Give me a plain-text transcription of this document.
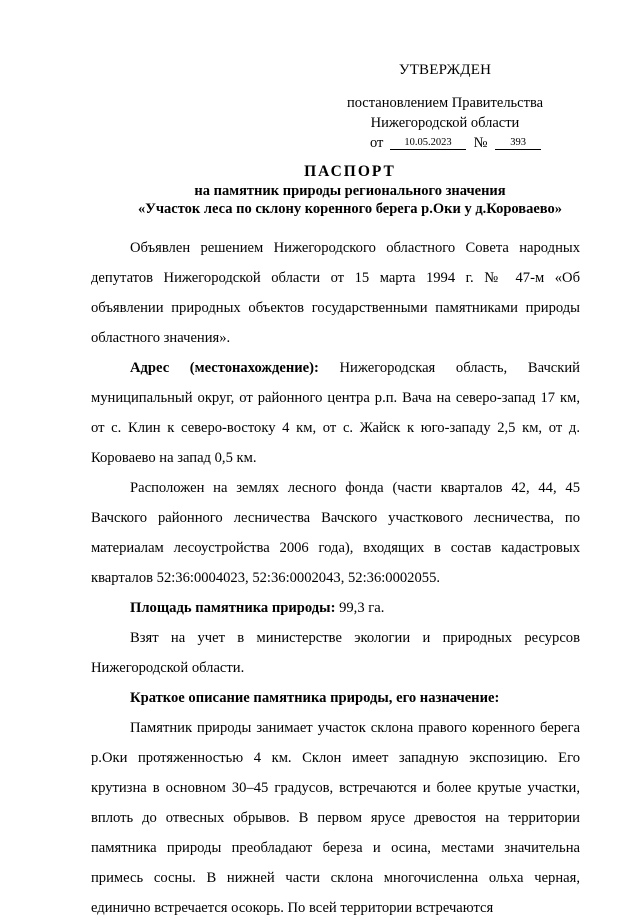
УТВЕРЖДЕН
постановлением Правительства
Нижегородской области
от 10.05.2023 № 393
ПАСПОРТ
на памятник природы регионального значения
«Участок леса по склону коренного берега р.Оки у д.Короваево»

Объявлен решением Нижегородского областного Совета народных депутатов Нижегородской области от 15 марта 1994 г. № 47-м «Об объявлении природных объектов государственными памятниками природы областного значения».

Адрес (местонахождение): Нижегородская область, Вачский муниципальный округ, от районного центра р.п. Вача на северо-запад 17 км, от с. Клин к северо-востоку 4 км, от с. Жайск к юго-западу 2,5 км, от д. Короваево на запад 0,5 км.

Расположен на землях лесного фонда (части кварталов 42, 44, 45 Вачского районного лесничества Вачского участкового лесничества, по материалам лесоустройства 2006 года), входящих в состав кадастровых кварталов 52:36:0004023, 52:36:0002043, 52:36:0002055.

Площадь памятника природы: 99,3 га.

Взят на учет в министерстве экологии и природных ресурсов Нижегородской области.

Краткое описание памятника природы, его назначение:

Памятник природы занимает участок склона правого коренного берега р.Оки протяженностью 4 км. Склон имеет западную экспозицию. Его крутизна в основном 30–45 градусов, встречаются и более крутые участки, вплоть до отвесных обрывов. В первом ярусе древостоя на территории памятника природы преобладают береза и осина, местами значительна примесь сосны. В нижней части склона многочисленна ольха черная, единично встречается осокорь. По всей территории встречаются
